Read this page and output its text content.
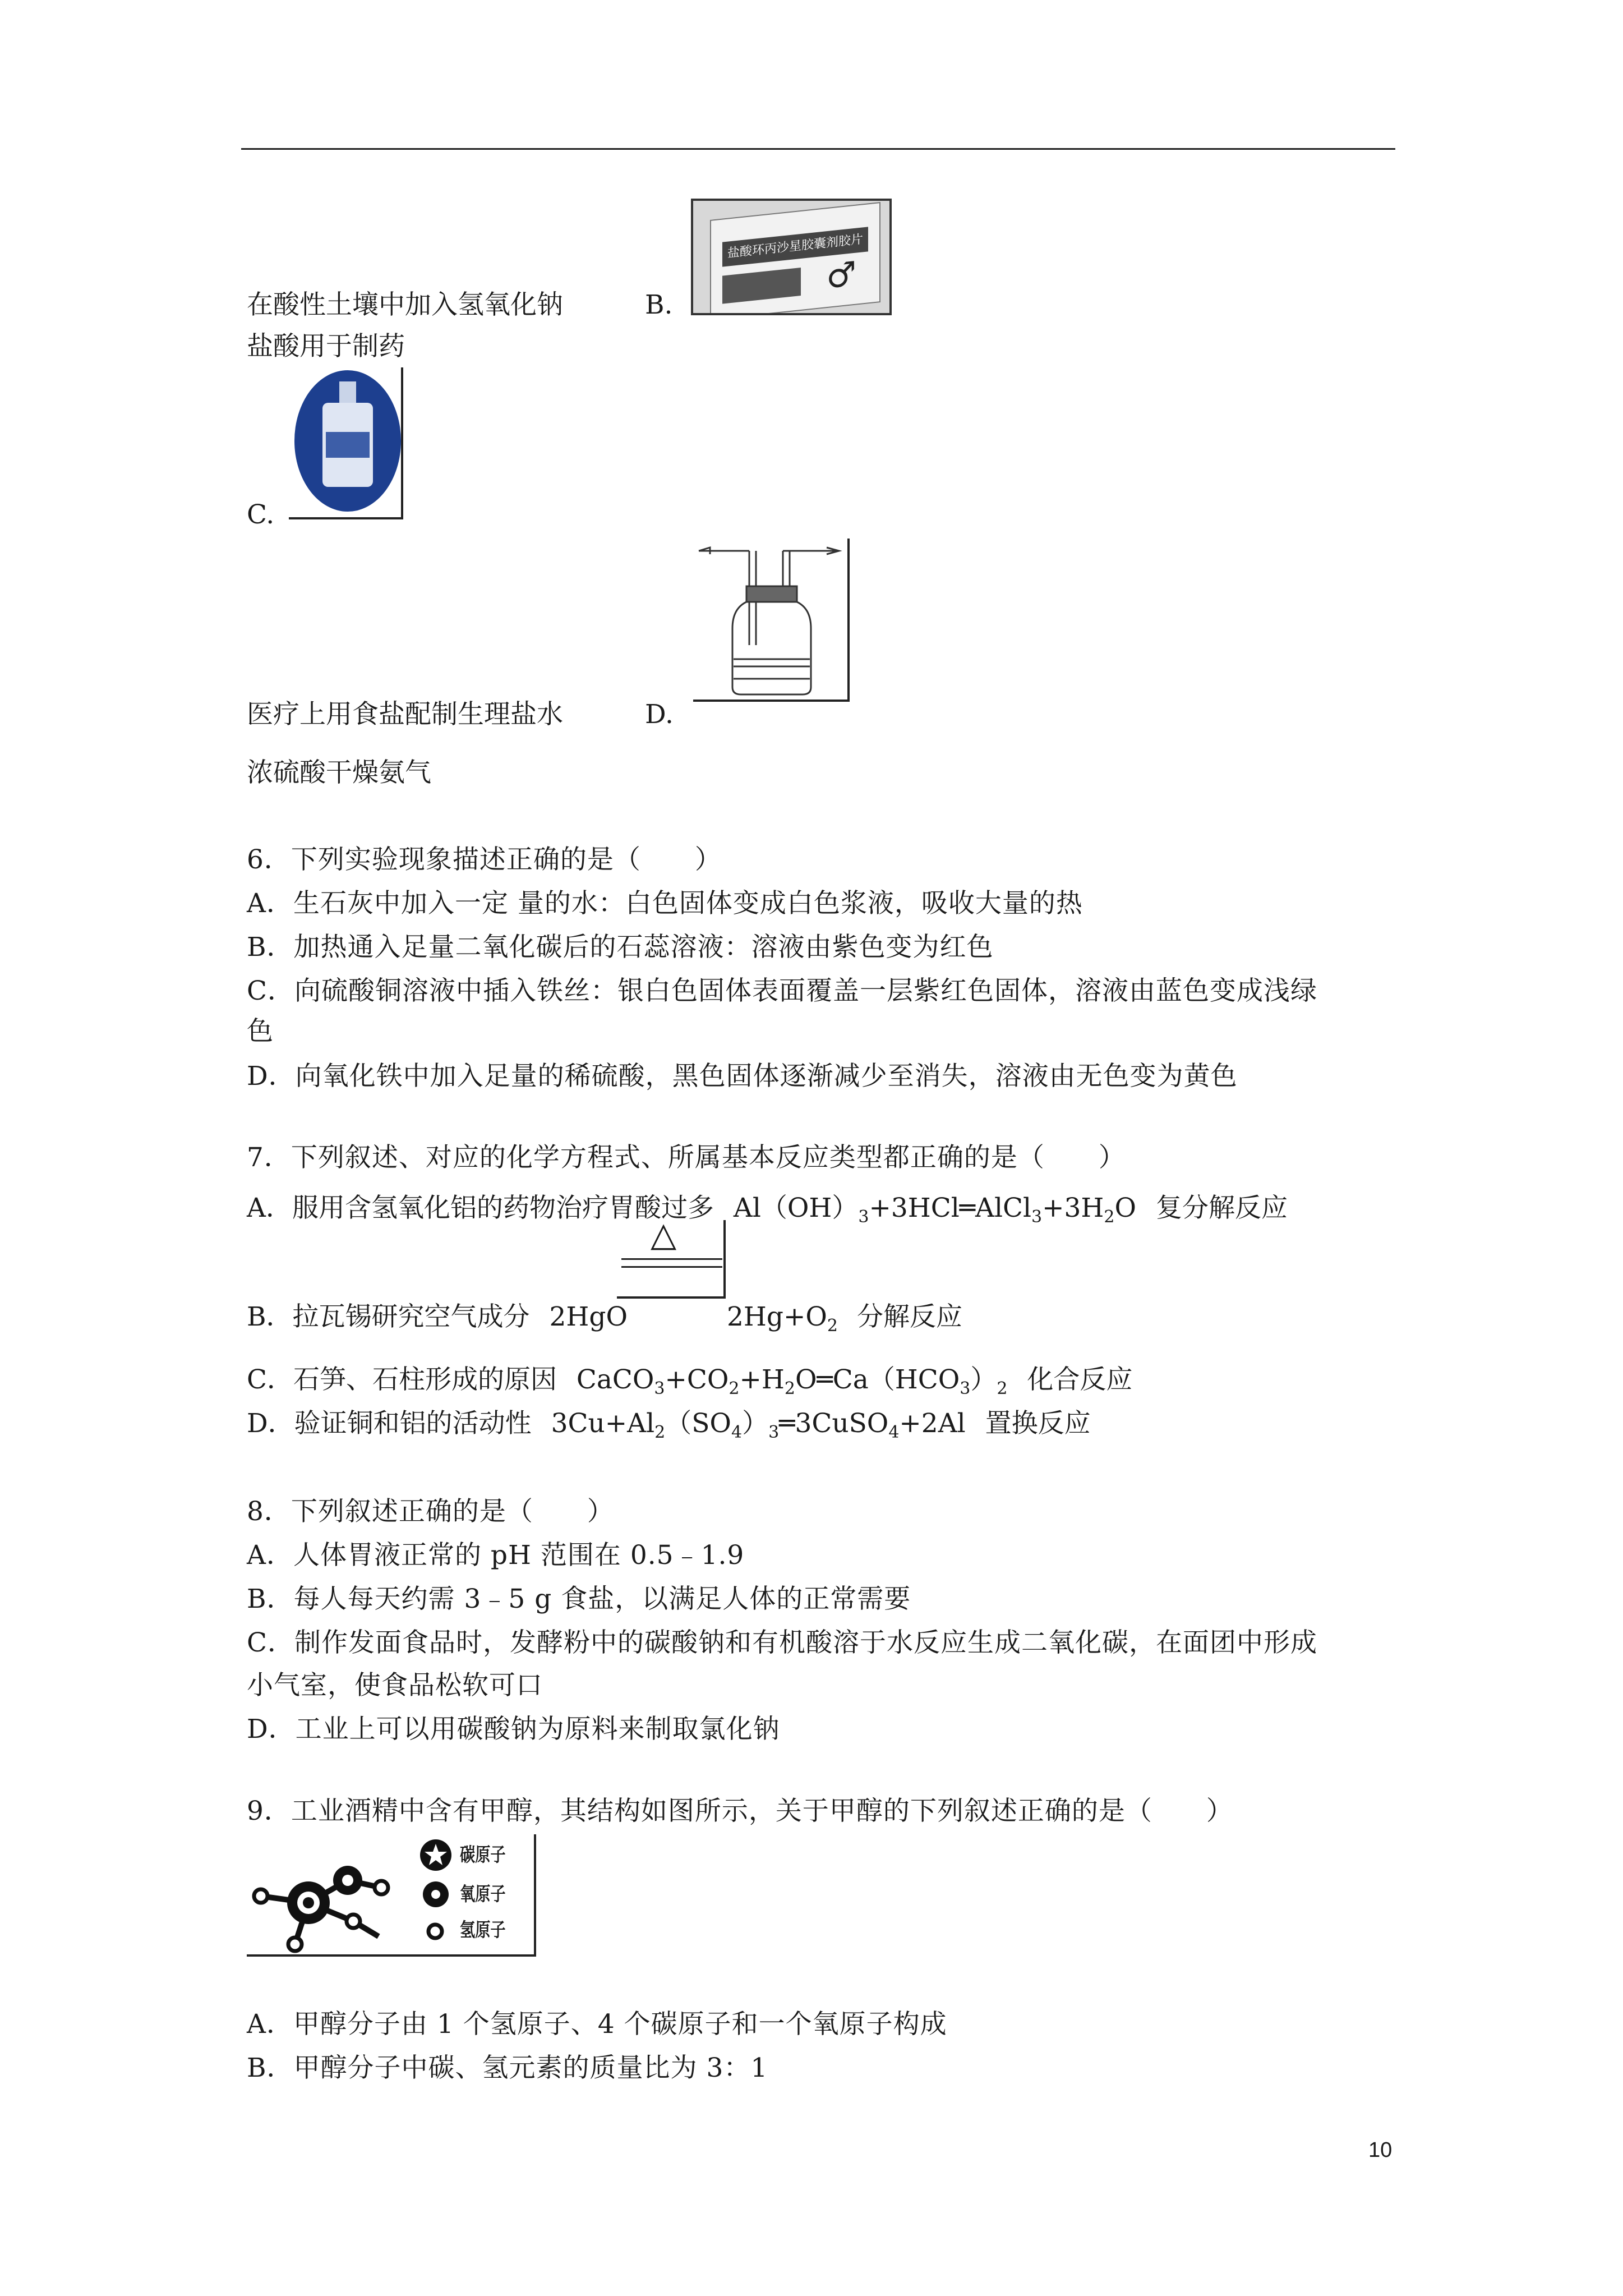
盐酸环丙沙星胶囊剂胶片
♂
在酸性土壤中加入氢氧化钠	B.
盐酸用于制药
C.
医疗上用食盐配制生理盐水	D.
浓硫酸干燥氨气
6．下列实验现象描述正确的是（　　）
A．生石灰中加入一定 量的水：白色固体变成白色浆液，吸收大量的热
B．加热通入足量二氧化碳后的石蕊溶液：溶液由紫色变为红色
C．向硫酸铜溶液中插入铁丝：银白色固体表面覆盖一层紫红色固体，溶液由蓝色变成浅绿
色
D．向氧化铁中加入足量的稀硫酸，黑色固体逐渐减少至消失，溶液由无色变为黄色
7．下列叙述、对应的化学方程式、所属基本反应类型都正确的是（　　）
A．服用含氢氧化铝的药物治疗胃酸过多 $Al(OH)_3+3HCl═AlCl_3+3H_2O$ 复分解反应
△
B．拉瓦锡研究空气成分 2HgO	$2Hg+O_2$ 分解反应
C．石笋、石柱形成的原因 $CaCO_3+CO_2+H_2O═Ca(HCO_3)_2$ 化合反应
D．验证铜和铝的活动性 $3Cu+Al_2(SO_4)_3═3CuSO_4+2Al$ 置换反应
8．下列叙述正确的是（　　）
A．人体胃液正常的 pH 范围在 0.5﹣1.9
B．每人每天约需 3﹣5 g 食盐，以满足人体的正常需要
C．制作发面食品时，发酵粉中的碳酸钠和有机酸溶于水反应生成二氧化碳，在面团中形成
小气室，使食品松软可口
D．工业上可以用碳酸钠为原料来制取氯化钠
9．工业酒精中含有甲醇，其结构如图所示，关于甲醇的下列叙述正确的是（　　）
碳原子
氧原子
氢原子
A．甲醇分子由 1 个氢原子、4 个碳原子和一个氧原子构成
B．甲醇分子中碳、氢元素的质量比为 3：1
10
